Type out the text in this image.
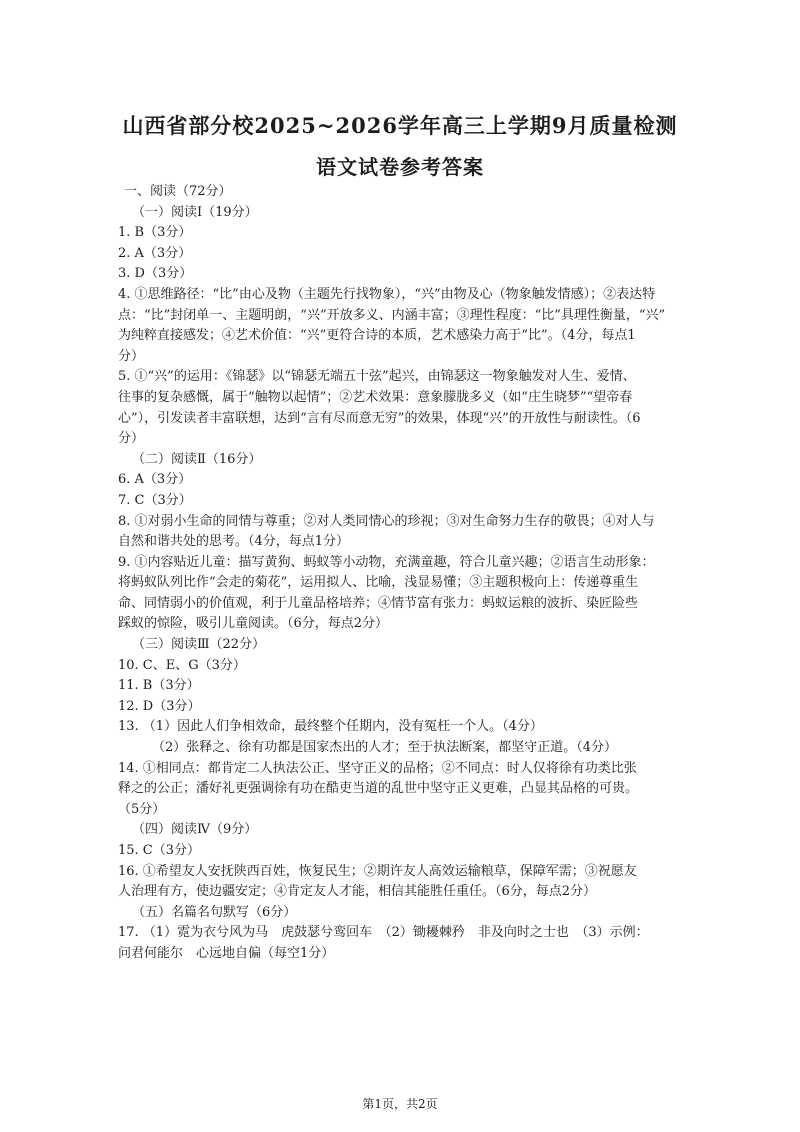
山西省部分校2025~2026学年高三上学期9月质量检测
语文试卷参考答案

一、阅读（72分）

（一）阅读Ⅰ（19分）

1. B（3分）

2. A（3分）

3. D（3分）

4. ①思维路径：“比”由心及物（主题先行找物象），“兴”由物及心（物象触发情感）；②表达特

点：“比”封闭单一、主题明朗，“兴”开放多义、内涵丰富；③理性程度：“比”具理性衡量，“兴”

为纯粹直接感发；④艺术价值：“兴”更符合诗的本质，艺术感染力高于“比”。（4分，每点1

分）

5. ①“兴”的运用：《锦瑟》以“锦瑟无端五十弦”起兴，由锦瑟这一物象触发对人生、爱情、

往事的复杂感慨，属于“触物以起情”；②艺术效果：意象朦胧多义（如“庄生晓梦”“望帝春

心”），引发读者丰富联想，达到“言有尽而意无穷”的效果，体现“兴”的开放性与耐读性。（6

分）

（二）阅读Ⅱ（16分）

6. A（3分）

7. C（3分）

8. ①对弱小生命的同情与尊重；②对人类同情心的珍视；③对生命努力生存的敬畏；④对人与

自然和谐共处的思考。（4分，每点1分）

9. ①内容贴近儿童：描写黄狗、蚂蚁等小动物，充满童趣，符合儿童兴趣；②语言生动形象：

将蚂蚁队列比作“会走的菊花”，运用拟人、比喻，浅显易懂；③主题积极向上：传递尊重生

命、同情弱小的价值观，利于儿童品格培养；④情节富有张力：蚂蚁运粮的波折、染匠险些

踩蚁的惊险，吸引儿童阅读。（6分，每点2分）

（三）阅读Ⅲ（22分）

10. C、E、G（3分）

11. B（3分）

12. D（3分）

13. （1）因此人们争相效命，最终整个任期内，没有冤枉一个人。（4分）

（2）张释之、徐有功都是国家杰出的人才；至于执法断案，都坚守正道。（4分）

14. ①相同点：都肯定二人执法公正、坚守正义的品格；②不同点：时人仅将徐有功类比张

释之的公正；潘好礼更强调徐有功在酷吏当道的乱世中坚守正义更难，凸显其品格的可贵。

（5分）

（四）阅读Ⅳ（9分）

15. C（3分）

16. ①希望友人安抚陕西百姓，恢复民生；②期许友人高效运输粮草，保障军需；③祝愿友

人治理有方，使边疆安定；④肯定友人才能，相信其能胜任重任。（6分，每点2分）

（五）名篇名句默写（6分）

17. （1）霓为衣兮风为马　虎鼓瑟兮鸾回车　（2）锄耰棘矜　非及向时之士也　（3）示例：

问君何能尔　心远地自偏（每空1分）

第1页，共2页
